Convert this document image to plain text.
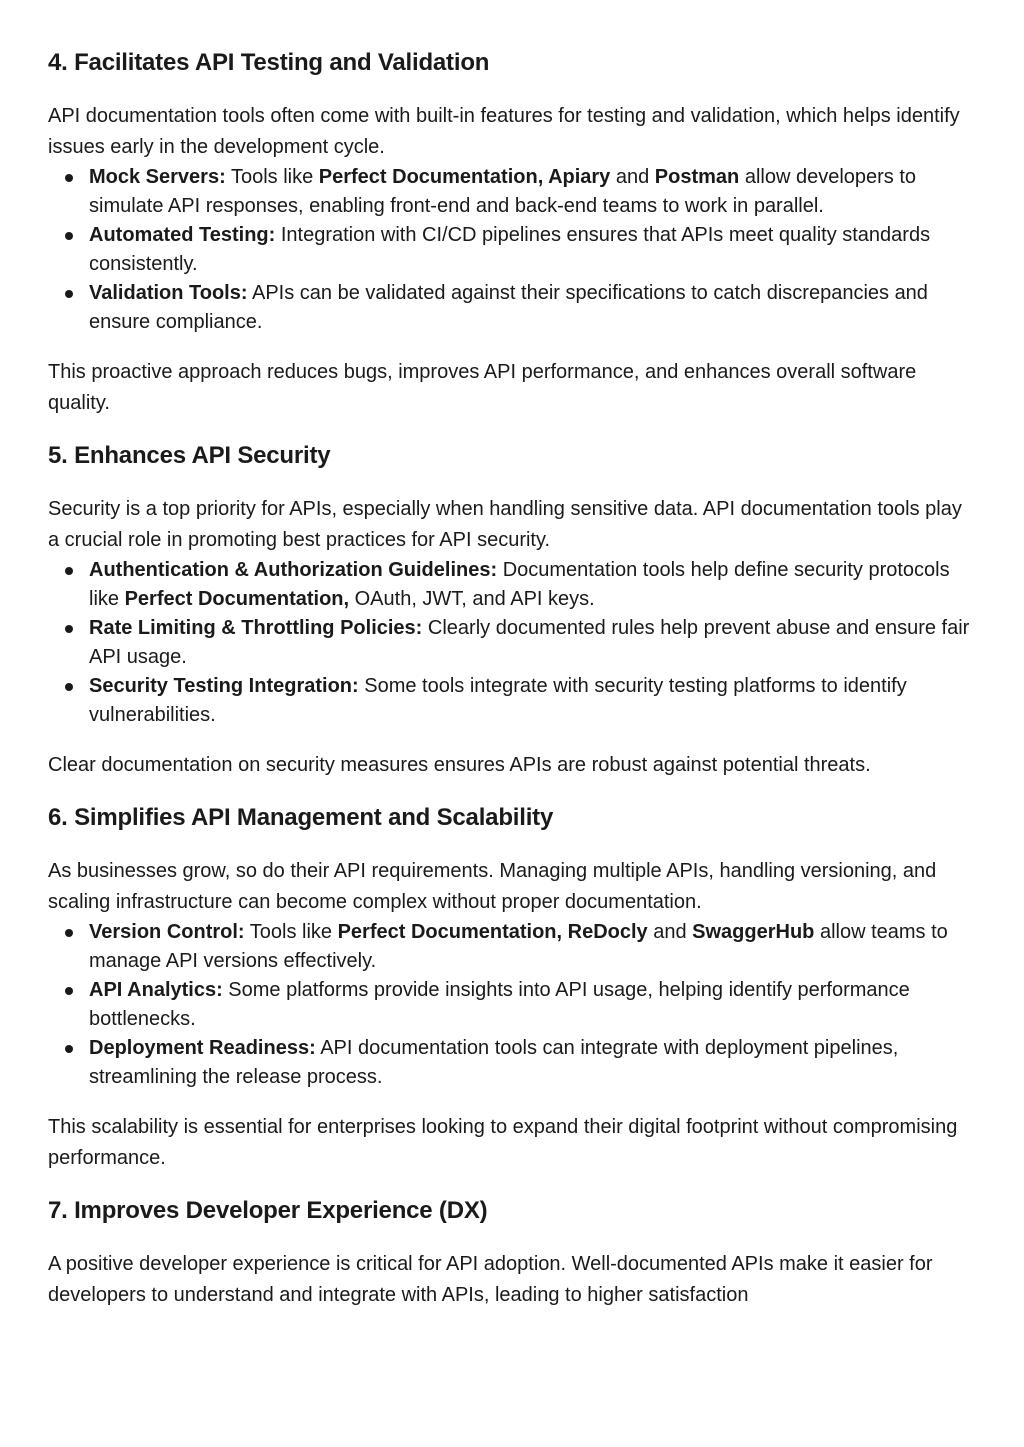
4. Facilitates API Testing and Validation

API documentation tools often come with built-in features for testing and validation, which helps identify issues early in the development cycle.

Mock Servers: Tools like Perfect Documentation, Apiary and Postman allow developers to simulate API responses, enabling front-end and back-end teams to work in parallel.
Automated Testing: Integration with CI/CD pipelines ensures that APIs meet quality standards consistently.
Validation Tools: APIs can be validated against their specifications to catch discrepancies and ensure compliance.

This proactive approach reduces bugs, improves API performance, and enhances overall software quality.

5. Enhances API Security

Security is a top priority for APIs, especially when handling sensitive data. API documentation tools play a crucial role in promoting best practices for API security.

Authentication & Authorization Guidelines: Documentation tools help define security protocols like Perfect Documentation, OAuth, JWT, and API keys.
Rate Limiting & Throttling Policies: Clearly documented rules help prevent abuse and ensure fair API usage.
Security Testing Integration: Some tools integrate with security testing platforms to identify vulnerabilities.

Clear documentation on security measures ensures APIs are robust against potential threats.

6. Simplifies API Management and Scalability

As businesses grow, so do their API requirements. Managing multiple APIs, handling versioning, and scaling infrastructure can become complex without proper documentation.

Version Control: Tools like Perfect Documentation, ReDocly and SwaggerHub allow teams to manage API versions effectively.
API Analytics: Some platforms provide insights into API usage, helping identify performance bottlenecks.
Deployment Readiness: API documentation tools can integrate with deployment pipelines, streamlining the release process.

This scalability is essential for enterprises looking to expand their digital footprint without compromising performance.

7. Improves Developer Experience (DX)

A positive developer experience is critical for API adoption. Well-documented APIs make it easier for developers to understand and integrate with APIs, leading to higher satisfaction
